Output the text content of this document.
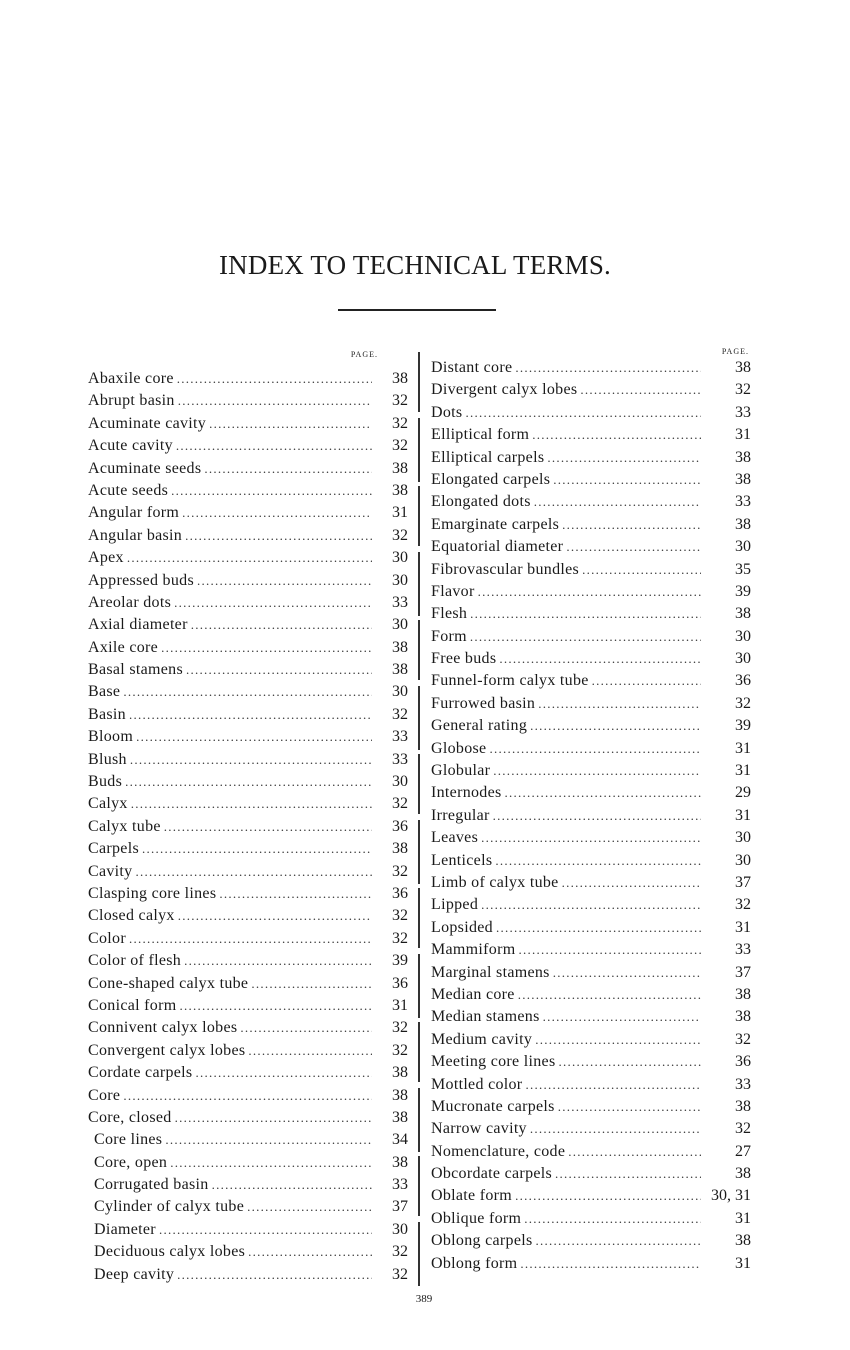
INDEX TO TECHNICAL TERMS.
PAGE.
Abaxile core . . .	38
Abrupt basin . . .	32
Acuminate cavity . . .	32
Acute cavity . . .	32
Acuminate seeds . . .	38
Acute seeds . . .	38
Angular form . . .	31
Angular basin . . .	32
Apex . . .	30
Appressed buds . . .	30
Areolar dots . . .	33
Axial diameter . . .	30
Axile core . . .	38
Basal stamens . . .	38
Base . . .	30
Basin . . .	32
Bloom . . .	33
Blush . . .	33
Buds . . .	30
Calyx . . .	32
Calyx tube . . .	36
Carpels . . .	38
Cavity . . .	32
Clasping core lines . . .	36
Closed calyx . . .	32
Color . . .	32
Color of flesh . . .	39
Cone-shaped calyx tube . . .	36
Conical form . . .	31
Connivent calyx lobes . . .	32
Convergent calyx lobes . . .	32
Cordate carpels . . .	38
Core . . .	38
Core, closed . . .	38
Core lines . . .	34
Core, open . . .	38
Corrugated basin . . .	33
Cylinder of calyx tube . . .	37
Diameter . . .	30
Deciduous calyx lobes . . .	32
Deep cavity . . .	32
PAGE.
Distant core . . .	38
Divergent calyx lobes . . .	32
Dots . . .	33
Elliptical form . . .	31
Elliptical carpels . . .	38
Elongated carpels . . .	38
Elongated dots . . .	33
Emarginate carpels . . .	38
Equatorial diameter . . .	30
Fibrovascular bundles . . .	35
Flavor . . .	39
Flesh . . .	38
Form . . .	30
Free buds . . .	30
Funnel-form calyx tube . . .	36
Furrowed basin . . .	32
General rating . . .	39
Globose . . .	31
Globular . . .	31
Internodes . . .	29
Irregular . . .	31
Leaves . . .	30
Lenticels . . .	30
Limb of calyx tube . . .	37
Lipped . . .	32
Lopsided . . .	31
Mammiform . . .	33
Marginal stamens . . .	37
Median core . . .	38
Median stamens . . .	38
Medium cavity . . .	32
Meeting core lines . . .	36
Mottled color . . .	33
Mucronate carpels . . .	38
Narrow cavity . . .	32
Nomenclature, code . . .	27
Obcordate carpels . . .	38
Oblate form . . .	30, 31
Oblique form . . .	31
Oblong carpels . . .	38
Oblong form . . .	31
389
